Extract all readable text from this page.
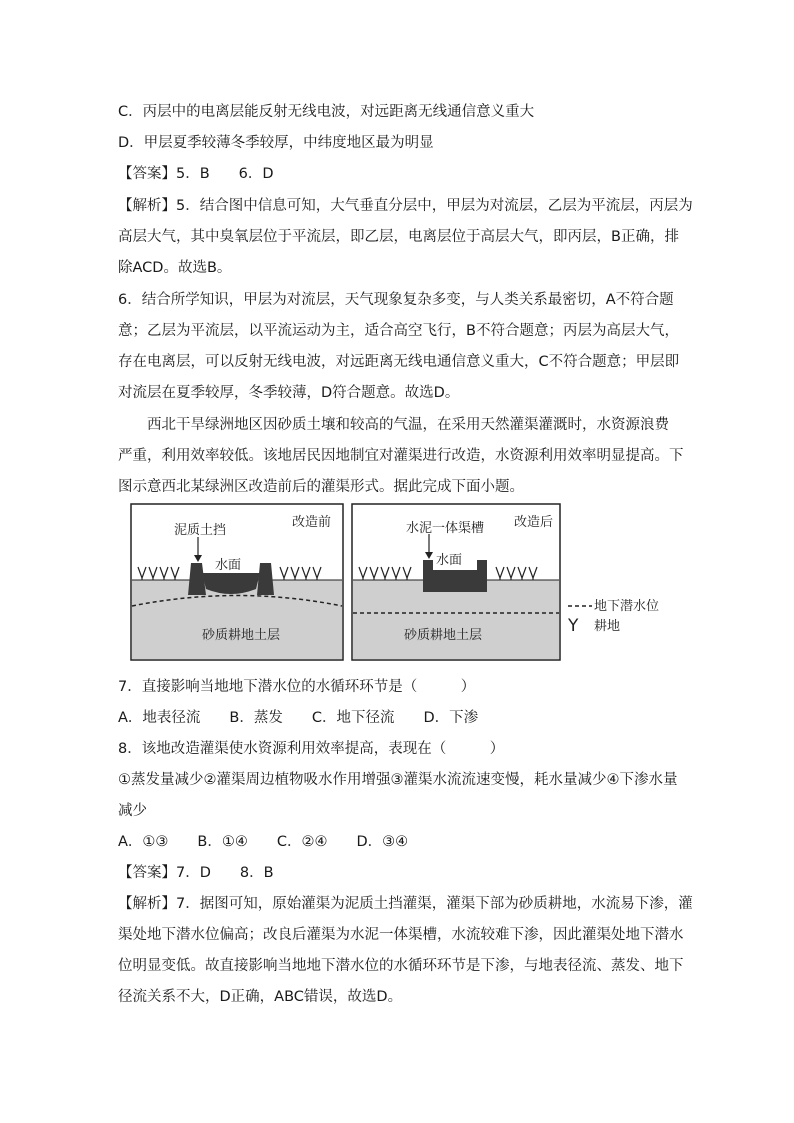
C．丙层中的电离层能反射无线电波，对远距离无线通信意义重大
D．甲层夏季较薄冬季较厚，中纬度地区最为明显
【答案】5．B　　6．D
【解析】5．结合图中信息可知，大气垂直分层中，甲层为对流层，乙层为平流层，丙层为
高层大气，其中臭氧层位于平流层，即乙层，电离层位于高层大气，即丙层，B正确，排
除ACD。故选B。
6．结合所学知识，甲层为对流层，天气现象复杂多变，与人类关系最密切，A不符合题
意；乙层为平流层，以平流运动为主，适合高空飞行，B不符合题意；丙层为高层大气，
存在电离层，可以反射无线电波，对远距离无线电通信意义重大，C不符合题意；甲层即
对流层在夏季较厚，冬季较薄，D符合题意。故选D。
西北干旱绿洲地区因砂质土壤和较高的气温，在采用天然灌渠灌溉时，水资源浪费
严重，利用效率较低。该地居民因地制宜对灌渠进行改造，水资源利用效率明显提高。下
图示意西北某绿洲区改造前后的灌渠形式。据此完成下面小题。
改造前
泥质土挡
水面
砂质耕地土层
改造后
水泥一体渠槽
水面
砂质耕地土层
地下潜水位
Y 耕地
7．直接影响当地地下潜水位的水循环环节是（　　　）
A．地表径流　　B．蒸发　　C．地下径流　　D．下渗
8．该地改造灌渠使水资源利用效率提高，表现在（　　　）
①蒸发量减少②灌渠周边植物吸水作用增强③灌渠水流流速变慢，耗水量减少④下渗水量
减少
A．①③　　B．①④　　C．②④　　D．③④
【答案】7．D　　8．B
【解析】7．据图可知，原始灌渠为泥质土挡灌渠，灌渠下部为砂质耕地，水流易下渗，灌
渠处地下潜水位偏高；改良后灌渠为水泥一体渠槽，水流较难下渗，因此灌渠处地下潜水
位明显变低。故直接影响当地地下潜水位的水循环环节是下渗，与地表径流、蒸发、地下
径流关系不大，D正确，ABC错误，故选D。
